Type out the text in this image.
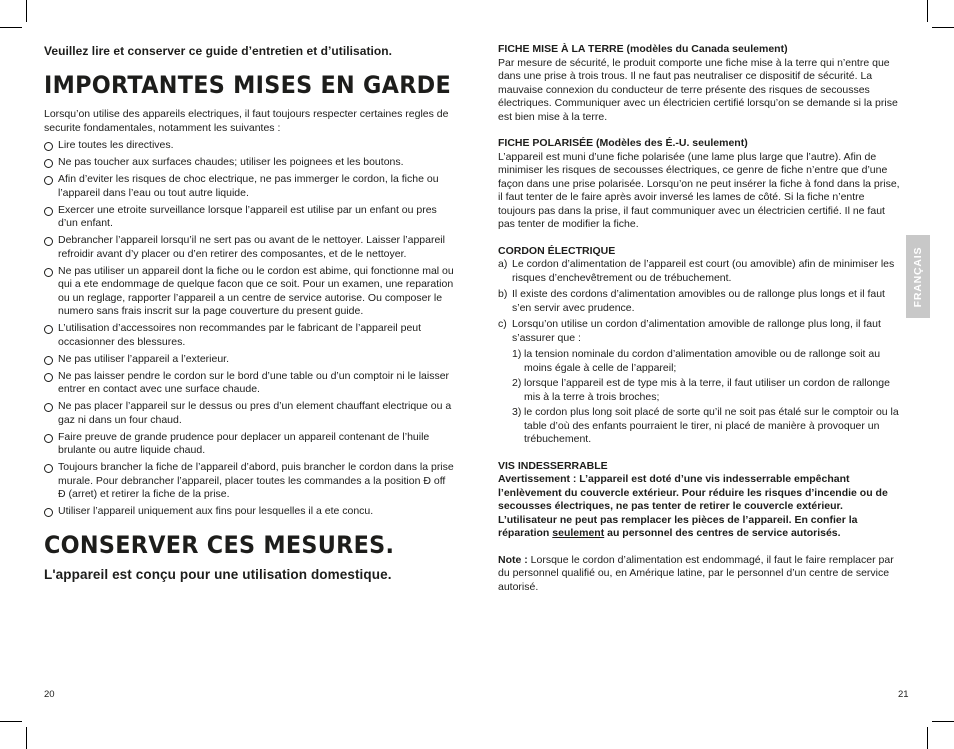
Veuillez lire et conserver ce guide d’entretien et d’utilisation.

IMPORTANTES MISES EN GARDE

Lorsqu’on utilise des appareils electriques, il faut toujours respecter certaines regles de securite fondamentales, notamment les suivantes :

Lire toutes les directives.
Ne pas toucher aux surfaces chaudes; utiliser les poignees et les boutons.
Afin d’eviter les risques de choc electrique, ne pas immerger le cordon, la fiche ou l’appareil dans l’eau ou tout autre liquide.
Exercer une etroite surveillance lorsque l’appareil est utilise par un enfant ou pres d’un enfant.
Debrancher l’appareil lorsqu’il ne sert pas ou avant de le nettoyer. Laisser l’appareil refroidir avant d’y placer ou d’en retirer des composantes, et de le nettoyer.
Ne pas utiliser un appareil dont la fiche ou le cordon est abime, qui fonctionne mal ou qui a ete endommage de quelque facon que ce soit. Pour un examen, une reparation ou un reglage, rapporter l’appareil a un centre de service autorise. Ou composer le numero sans frais inscrit sur la page couverture du present guide.
L’utilisation d’accessoires non recommandes par le fabricant de l’appareil peut occasionner des blessures.
Ne pas utiliser l’appareil a l’exterieur.
Ne pas laisser pendre le cordon sur le bord d’une table ou d’un comptoir ni le laisser entrer en contact avec une surface chaude.
Ne pas placer l’appareil sur le dessus ou pres d’un element chauffant electrique ou a gaz ni dans un four chaud.
Faire preuve de grande prudence pour deplacer un appareil contenant de l’huile brulante ou autre liquide chaud.
Toujours brancher la fiche de l’appareil d’abord, puis brancher le cordon dans la prise murale. Pour debrancher l’appareil, placer toutes les commandes a la position Ð off Ð (arret) et retirer la fiche de la prise.
Utiliser l’appareil uniquement aux fins pour lesquelles il a ete concu.
CONSERVER CES MESURES.

L'appareil est conçu pour une utilisation domestique.

20

FICHE MISE À LA TERRE (modèles du Canada seulement)

Par mesure de sécurité, le produit comporte une fiche mise à la terre qui n’entre que dans une prise à trois trous. Il ne faut pas neutraliser ce dispositif de sécurité. La mauvaise connexion du conducteur de terre présente des risques de secousses électriques. Communiquer avec un électricien certifié lorsqu’on se demande si la prise est bien mise à la terre.

FICHE POLARISÉE (Modèles des É.-U. seulement)

L’appareil est muni d’une fiche polarisée (une lame plus large que l’autre). Afin de minimiser les risques de secousses électriques, ce genre de fiche n’entre que d’une façon dans une prise polarisée. Lorsqu’on ne peut insérer la fiche à fond dans la prise, il faut tenter de le faire après avoir inversé les lames de côté. Si la fiche n’entre toujours pas dans la prise, il faut communiquer avec un électricien certifié. Il ne faut pas tenter de modifier la fiche.

CORDON ÉLECTRIQUE

a) Le cordon d’alimentation de l’appareil est court (ou amovible) afin de minimiser les risques d’enchevêtrement ou de trébuchement.
b) Il existe des cordons d’alimentation amovibles ou de rallonge plus longs et il faut s’en servir avec prudence.
c) Lorsqu’on utilise un cordon d’alimentation amovible de rallonge plus long, il faut s’assurer que :
1) la tension nominale du cordon d’alimentation amovible ou de rallonge soit au moins égale à celle de l’appareil;
2) lorsque l’appareil est de type mis à la terre, il faut utiliser un cordon de rallonge mis à la terre à trois broches;
3) le cordon plus long soit placé de sorte qu’il ne soit pas étalé sur le comptoir ou la table d’où des enfants pourraient le tirer, ni placé de manière à provoquer un trébuchement.

VIS INDESSERRABLE

Avertissement : L’appareil est doté d’une vis indesserrable empêchant l’enlèvement du couvercle extérieur. Pour réduire les risques d’incendie ou de secousses électriques, ne pas tenter de retirer le couvercle extérieur. L’utilisateur ne peut pas remplacer les pièces de l’appareil. En confier la réparation seulement au personnel des centres de service autorisés.

Note : Lorsque le cordon d’alimentation est endommagé, il faut le faire remplacer par du personnel qualifié ou, en Amérique latine, par le personnel d’un centre de service autorisé.

21
FRANÇAIS
